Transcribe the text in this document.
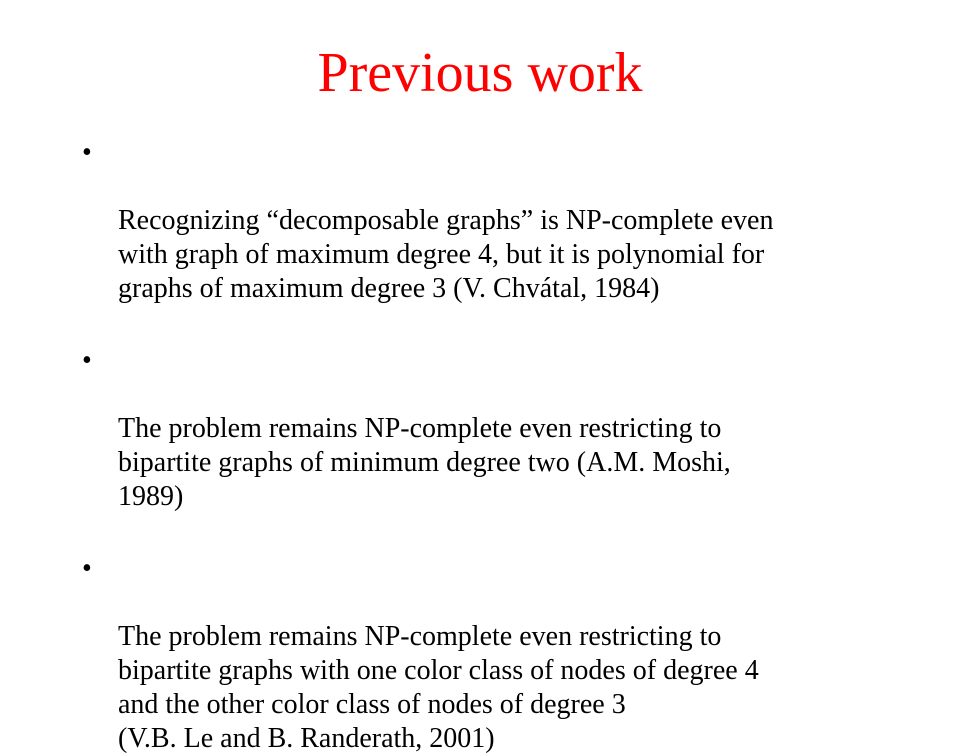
Previous work

•

Recognizing “decomposable graphs” is NP-complete even
with graph of maximum degree 4, but it is polynomial for
graphs of maximum degree 3 (V. Chvátal, 1984)

•

The problem remains NP-complete even restricting to
bipartite graphs of minimum degree two (A.M. Moshi,
1989)

•

The problem remains NP-complete even restricting to
bipartite graphs with one color class of nodes of degree 4
and the other color class of nodes of degree 3
(V.B. Le and B. Randerath, 2001)
